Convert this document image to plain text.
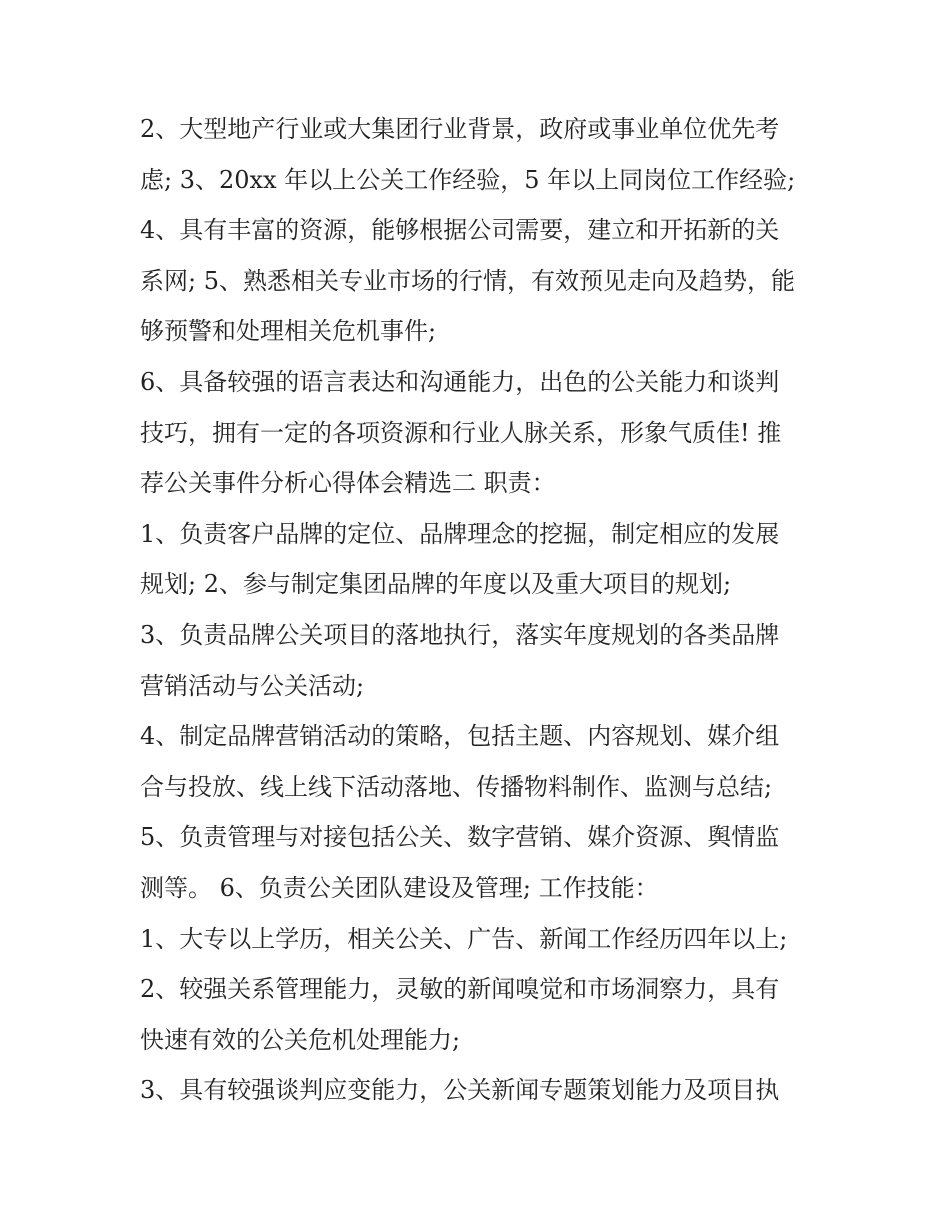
2、大型地产行业或大集团行业背景，政府或事业单位优先考

虑; 3、20xx 年以上公关工作经验，5 年以上同岗位工作经验;

4、具有丰富的资源，能够根据公司需要，建立和开拓新的关

系网; 5、熟悉相关专业市场的行情，有效预见走向及趋势，能

够预警和处理相关危机事件;

6、具备较强的语言表达和沟通能力，出色的公关能力和谈判

技巧，拥有一定的各项资源和行业人脉关系，形象气质佳! 推

荐公关事件分析心得体会精选二 职责：

1、负责客户品牌的定位、品牌理念的挖掘，制定相应的发展

规划; 2、参与制定集团品牌的年度以及重大项目的规划;

3、负责品牌公关项目的落地执行，落实年度规划的各类品牌

营销活动与公关活动;

4、制定品牌营销活动的策略，包括主题、内容规划、媒介组

合与投放、线上线下活动落地、传播物料制作、监测与总结;

5、负责管理与对接包括公关、数字营销、媒介资源、舆情监

测等。 6、负责公关团队建设及管理; 工作技能：

1、大专以上学历，相关公关、广告、新闻工作经历四年以上;

2、较强关系管理能力，灵敏的新闻嗅觉和市场洞察力，具有

快速有效的公关危机处理能力;

3、具有较强谈判应变能力，公关新闻专题策划能力及项目执
